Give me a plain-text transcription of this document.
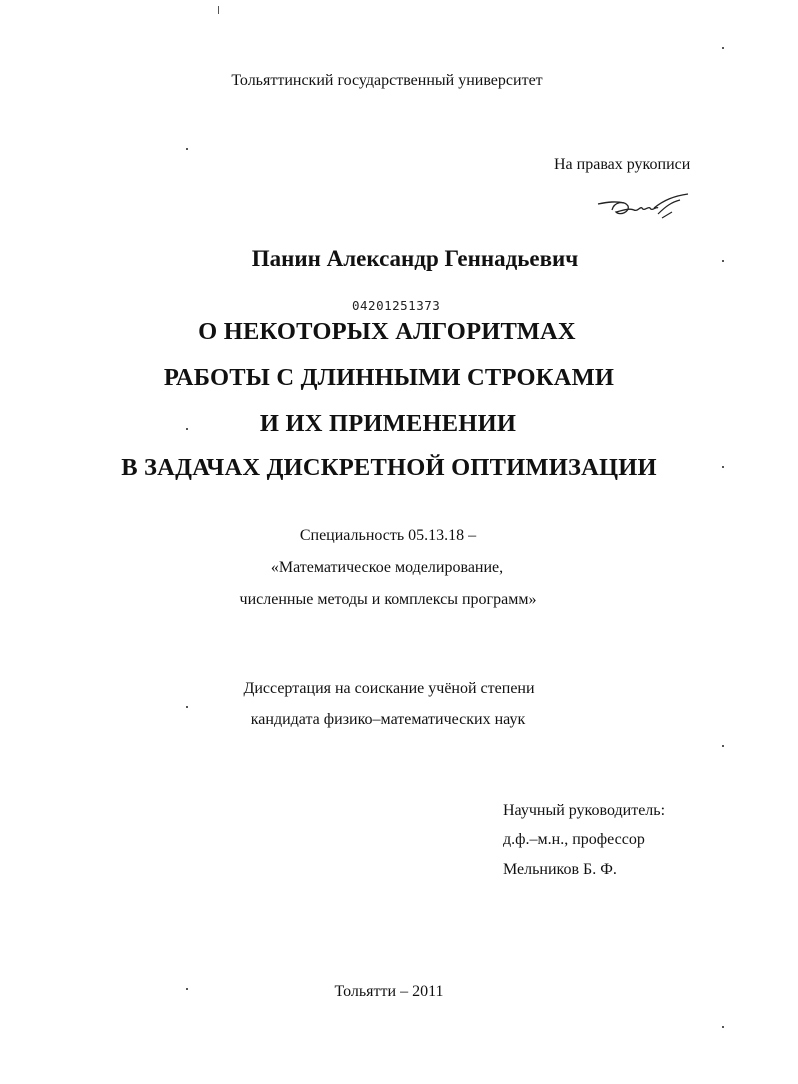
Тольяттинский государственный университет
На правах рукописи
Панин Александр Геннадьевич
04201251373
О НЕКОТОРЫХ АЛГОРИТМАХ
РАБОТЫ С ДЛИННЫМИ СТРОКАМИ
И ИХ ПРИМЕНЕНИИ
В ЗАДАЧАХ ДИСКРЕТНОЙ ОПТИМИЗАЦИИ
Специальность 05.13.18 –
«Математическое моделирование,
численные методы и комплексы программ»
Диссертация на соискание учёной степени
кандидата физико–математических наук
Научный руководитель:
д.ф.–м.н., профессор
Мельников Б. Ф.
Тольятти – 2011
